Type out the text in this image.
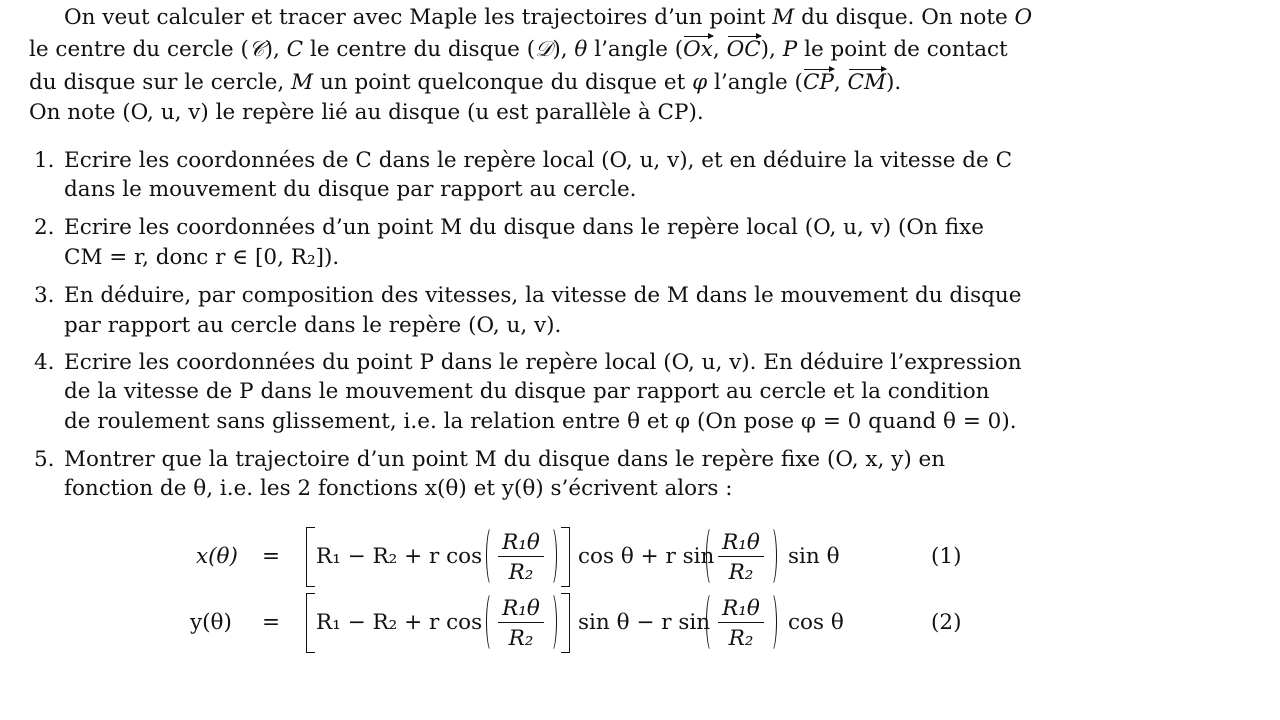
On veut calculer et tracer avec Maple les trajectoires d’un point M du disque. On note O
le centre du cercle (𝒞), C le centre du disque (𝒟), θ l’angle (Ox, OC), P le point de contact
du disque sur le cercle, M un point quelconque du disque et φ l’angle (CP, CM).
On note (O, u, v) le repère lié au disque (u est parallèle à CP).
1. Ecrire les coordonnées de C dans le repère local (O, u, v), et en déduire la vitesse de C
dans le mouvement du disque par rapport au cercle.
2. Ecrire les coordonnées d’un point M du disque dans le repère local (O, u, v) (On fixe
CM = r, donc r ∈ [0, R₂]).
3. En déduire, par composition des vitesses, la vitesse de M dans le mouvement du disque
par rapport au cercle dans le repère (O, u, v).
4. Ecrire les coordonnées du point P dans le repère local (O, u, v). En déduire l’expression
de la vitesse de P dans le mouvement du disque par rapport au cercle et la condition
de roulement sans glissement, i.e. la relation entre θ et φ (On pose φ = 0 quand θ = 0).
5. Montrer que la trajectoire d’un point M du disque dans le repère fixe (O, x, y) en
fonction de θ, i.e. les 2 fonctions x(θ) et y(θ) s’écrivent alors :
x(θ) = R₁ − R₂ + r cos
R₁θ
R₂
cos θ + r sin
R₁θ
R₂
sin θ	(1)
y(θ) = R₁ − R₂ + r cos
R₁θ
R₂
sin θ − r sin
R₁θ
R₂
cos θ	(2)
